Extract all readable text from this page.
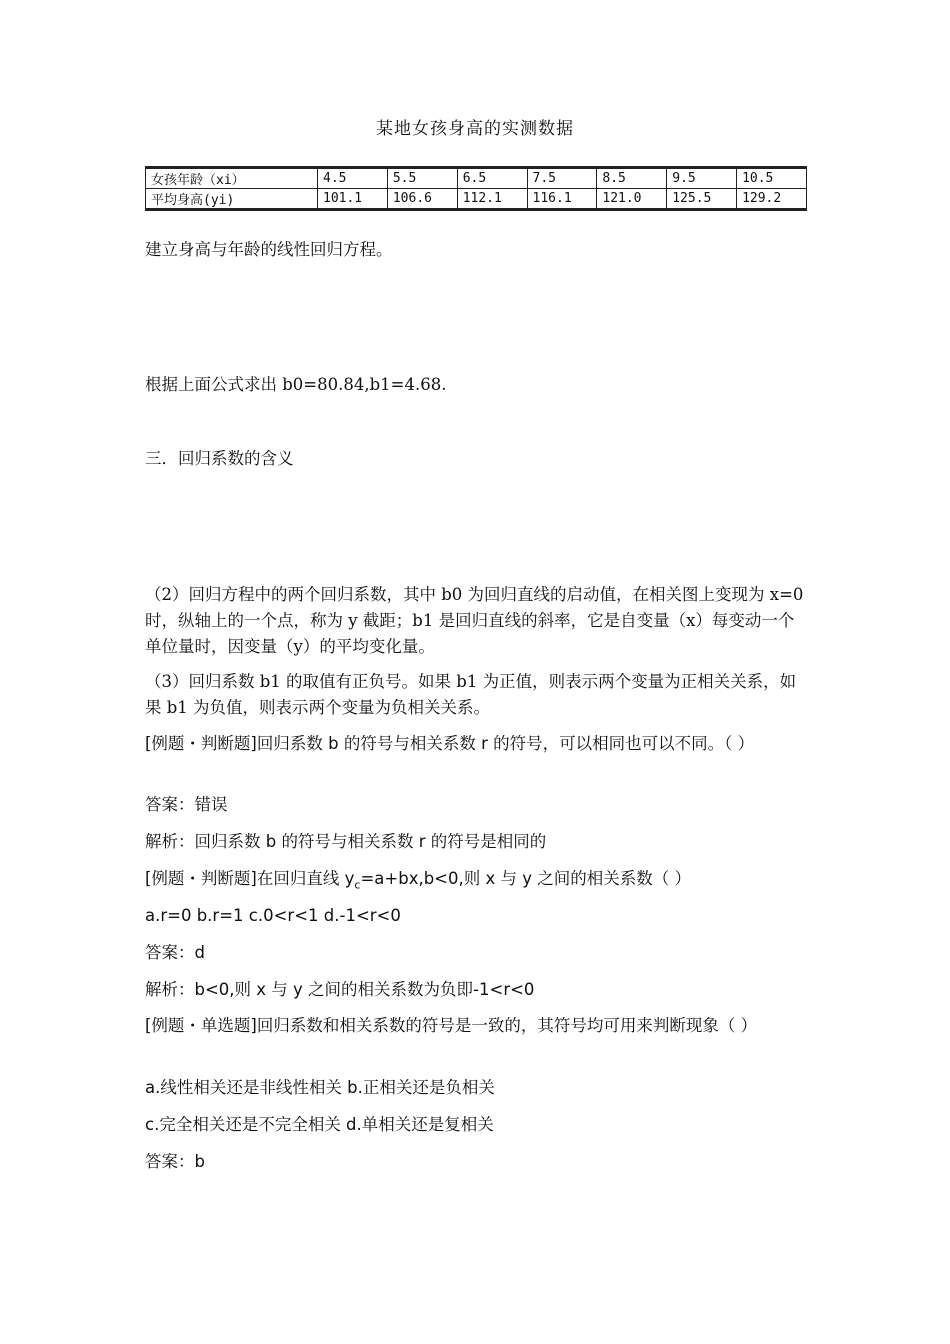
某地女孩身高的实测数据
女孩年龄（xi）	4.5	5.5	6.5	7.5	8.5	9.5	10.5
平均身高(yi)	101.1	106.6	112.1	116.1	121.0	125.5	129.2
建立身高与年龄的线性回归方程。
根据上面公式求出 b0=80.84,b1=4.68.
三．回归系数的含义
（2）回归方程中的两个回归系数，其中 b0 为回归直线的启动值，在相关图上变现为 x=0 时，纵轴上的一个点，称为 y 截距；b1 是回归直线的斜率，它是自变量（x）每变动一个单位量时，因变量（y）的平均变化量。
（3）回归系数 b1 的取值有正负号。如果 b1 为正值，则表示两个变量为正相关关系，如果 b1 为负值，则表示两个变量为负相关关系。
[例题・判断题]回归系数 b 的符号与相关系数 r 的符号，可以相同也可以不同。（ ）
答案：错误
解析：回归系数 b 的符号与相关系数 r 的符号是相同的
[例题・判断题]在回归直线 $y_c=a+bx,b<0$,则 x 与 y 之间的相关系数（ ）
a.r=0 b.r=1 c.0<r<1 d.-1<r<0
答案：d
解析：b<0,则 x 与 y 之间的相关系数为负即-1<r<0
[例题・单选题]回归系数和相关系数的符号是一致的，其符号均可用来判断现象（ ）
a.线性相关还是非线性相关 b.正相关还是负相关
c.完全相关还是不完全相关 d.单相关还是复相关
答案：b
